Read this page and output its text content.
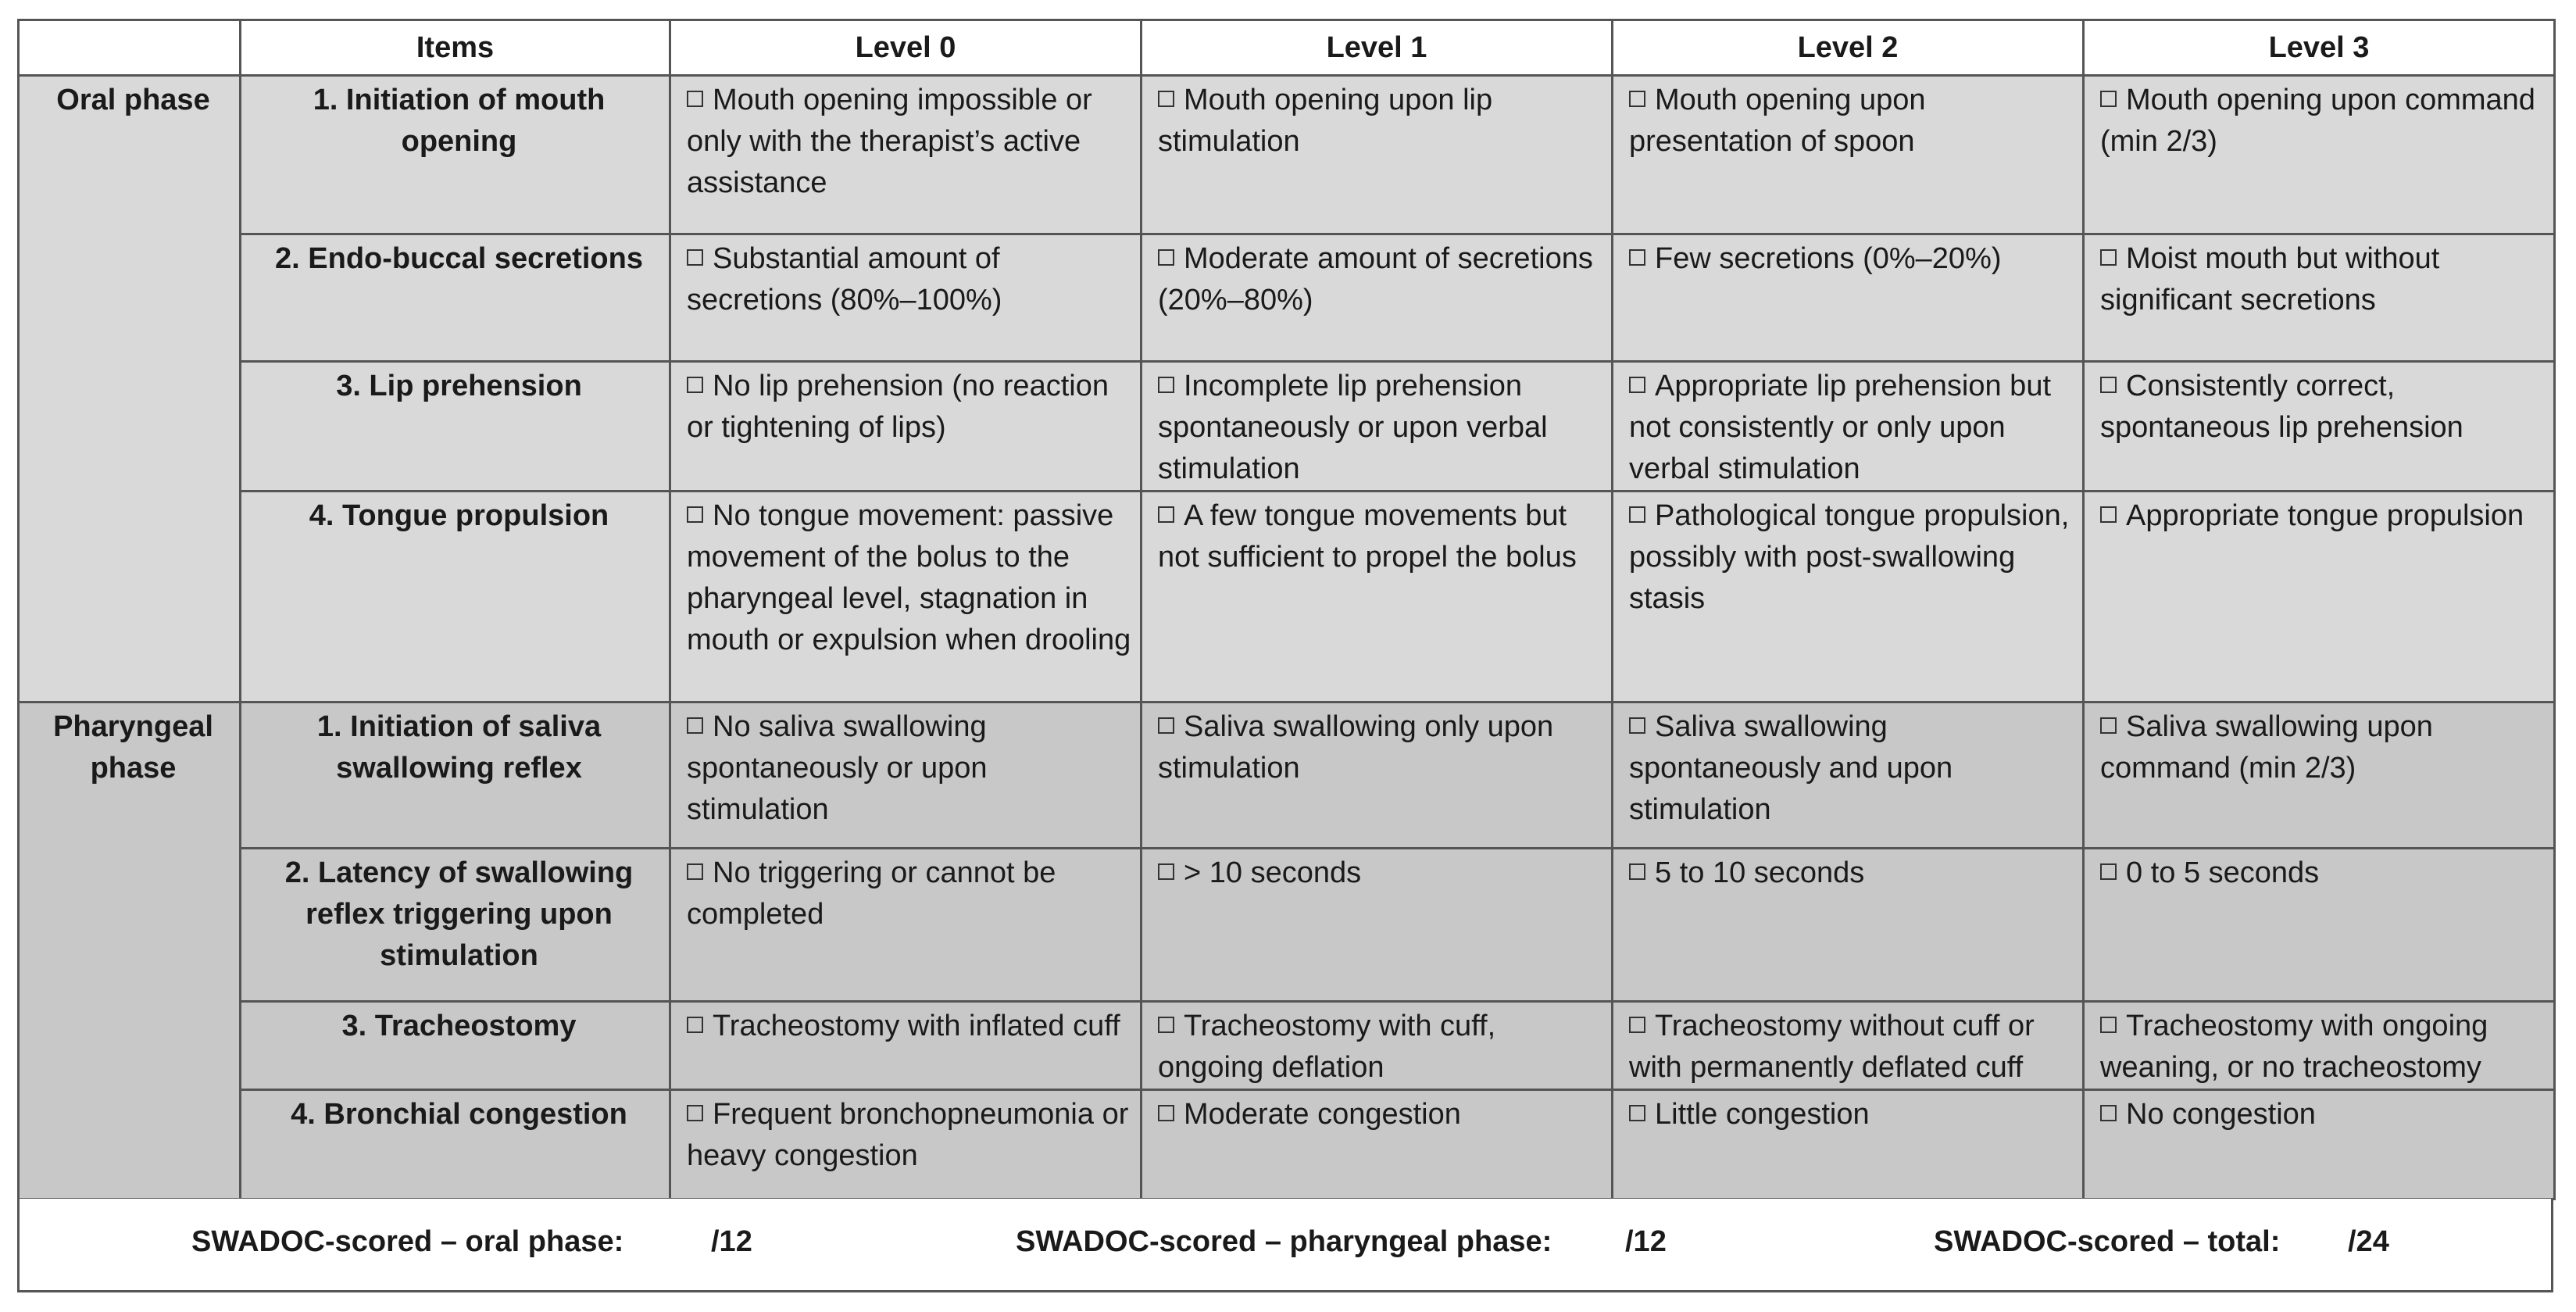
	Items	Level 0	Level 1	Level 2	Level 3
Oral phase	1. Initiation of mouth opening	Mouth opening impossible or only with the therapist’s active assistance	Mouth opening upon lip stimulation	Mouth opening upon presentation of spoon	Mouth opening upon command (min 2/3)
	2. Endo-buccal secretions	Substantial amount of secretions (80%–100%)	Moderate amount of secretions (20%–80%)	Few secretions (0%–20%)	Moist mouth but without significant secretions
	3. Lip prehension	No lip prehension (no reaction or tightening of lips)	Incomplete lip prehension spontaneously or upon verbal stimulation	Appropriate lip prehension but not consistently or only upon verbal stimulation	Consistently correct, spontaneous lip prehension
	4. Tongue propulsion	No tongue movement: passive movement of the bolus to the pharyngeal level, stagnation in mouth or expulsion when drooling	A few tongue movements but not sufficient to propel the bolus	Pathological tongue propulsion, possibly with post-swallowing stasis	Appropriate tongue propulsion
Pharyngeal phase	1. Initiation of saliva swallowing reflex	No saliva swallowing spontaneously or upon stimulation	Saliva swallowing only upon stimulation	Saliva swallowing spontaneously and upon stimulation	Saliva swallowing upon command (min 2/3)
	2. Latency of swallowing reflex triggering upon stimulation	No triggering or cannot be completed	> 10 seconds	5 to 10 seconds	0 to 5 seconds
	3. Tracheostomy	Tracheostomy with inflated cuff	Tracheostomy with cuff, ongoing deflation	Tracheostomy without cuff or with permanently deflated cuff	Tracheostomy with ongoing weaning, or no tracheostomy
	4. Bronchial congestion	Frequent bronchopneumonia or heavy congestion	Moderate congestion	Little congestion	No congestion
SWADOC-scored – oral phase:	/12	SWADOC-scored – pharyngeal phase: /12	SWADOC-scored – total: /24
